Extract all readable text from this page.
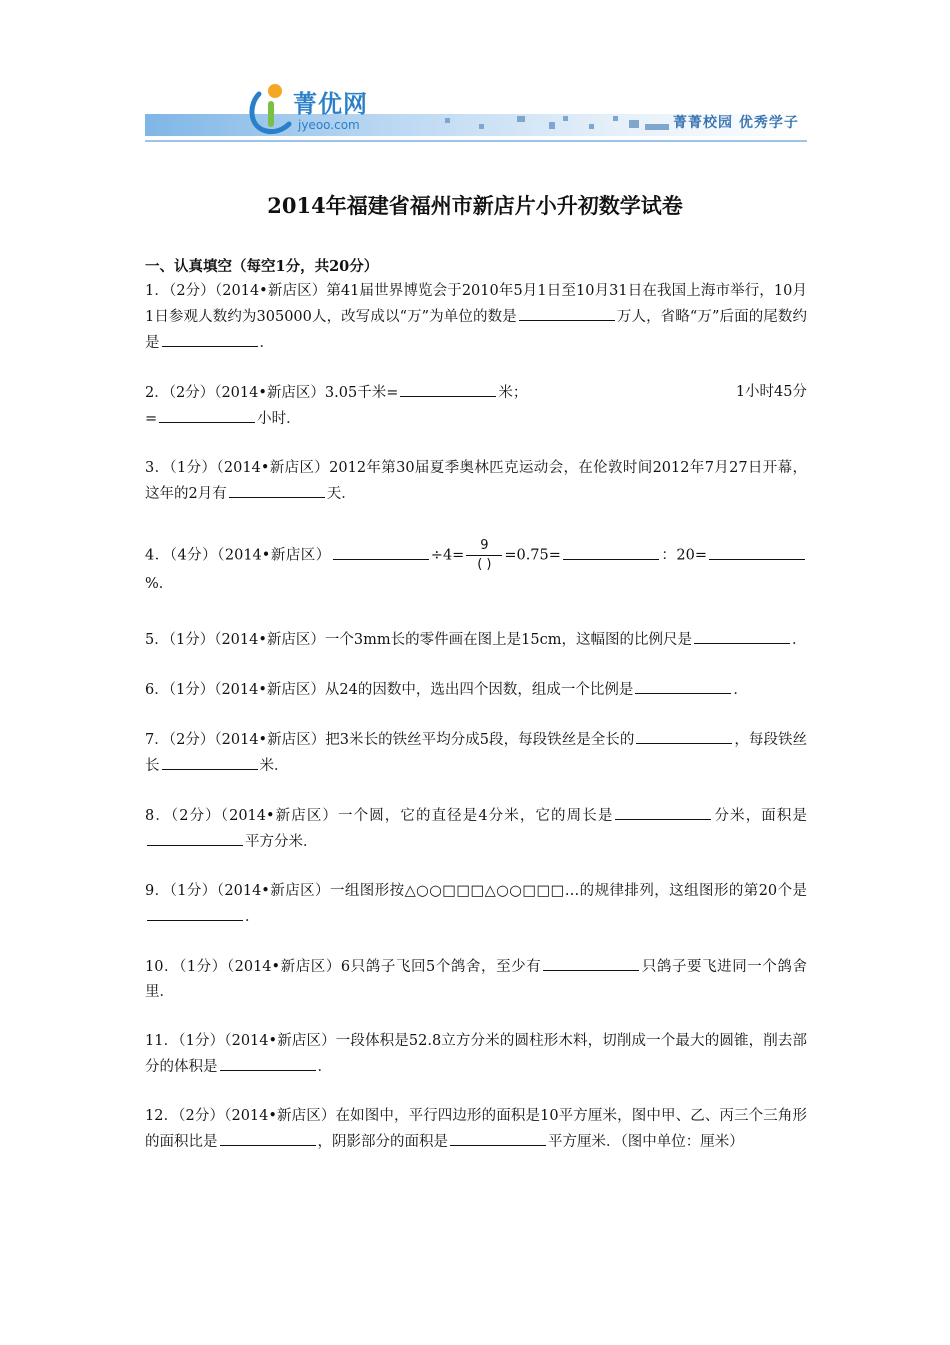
菁优网
jyeoo.com	菁菁校园 优秀学子
2014年福建省福州市新店片小升初数学试卷
一、认真填空（每空1分，共20分）
1．（2分）（2014•新店区）第41届世界博览会于2010年5月1日至10月31日在我国上海市举行，10月1日参观人数约为305000人，改写成以“万”为单位的数是	万人，省略“万”后面的尾数约是	．
2．（2分）（2014•新店区）3.05千米=	米；	1小时45分
=	小时．
3．（1分）（2014•新店区）2012年第30届夏季奥林匹克运动会，在伦敦时间2012年7月27日开幕，这年的2月有	天．
4．（4分）（2014•新店区）	$\div 4= \frac{9}{( )} =0.75=$	：20=%．
5．（1分）（2014•新店区）一个3mm长的零件画在图上是15cm，这幅图的比例尺是	．
6．（1分）（2014•新店区）从24的因数中，选出四个因数，组成一个比例是	．
7．（2分）（2014•新店区）把3米长的铁丝平均分成5段，每段铁丝是全长的	，每段铁丝长	米．
8．（2分）（2014•新店区）一个圆，它的直径是4分米，它的周长是	分米，面积是平方分米．
9．（1分）（2014•新店区）一组图形按△○○□□□△○○□□□…的规律排列，这组图形的第20个是．
10．（1分）（2014•新店区）6只鸽子飞回5个鸽舍，至少有	只鸽子要飞进同一个鸽舍里．
11．（1分）（2014•新店区）一段体积是52.8立方分米的圆柱形木料，切削成一个最大的圆锥，削去部分的体积是	．
12．（2分）（2014•新店区）在如图中，平行四边形的面积是10平方厘米，图中甲、乙、丙三个三角形的面积比是	，阴影部分的面积是	平方厘米．（图中单位：厘米）
